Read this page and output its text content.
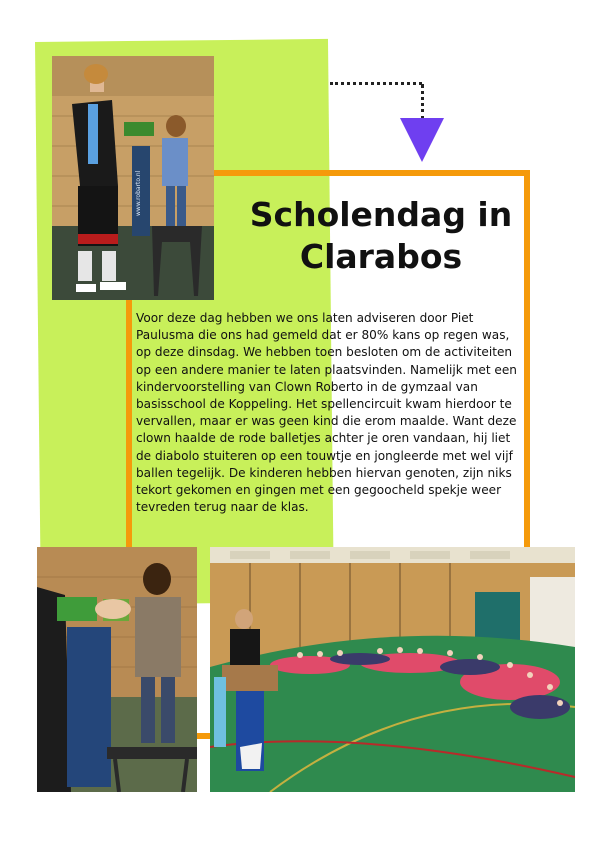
www.robarto.nl	Scholendag in
Clarabos

Voor deze dag hebben we ons laten adviseren door Piet Paulusma die ons had gemeld dat er 80% kans op regen was, op deze dinsdag. We hebben toen besloten om de activiteiten op een andere manier te laten plaatsvinden. Namelijk met een kindervoorstelling van Clown Roberto in de gymzaal van basisschool de Koppeling. Het spellencircuit kwam hierdoor te vervallen, maar er was geen kind die erom maalde. Want deze clown haalde de rode balletjes achter je oren vandaan, hij liet de diabolo stuiteren op een touwtje en jongleerde met wel vijf ballen tegelijk. De kinderen hebben hiervan genoten, zijn niks tekort gekomen en gingen met een gegoocheld spekje weer tevreden terug naar de klas.
